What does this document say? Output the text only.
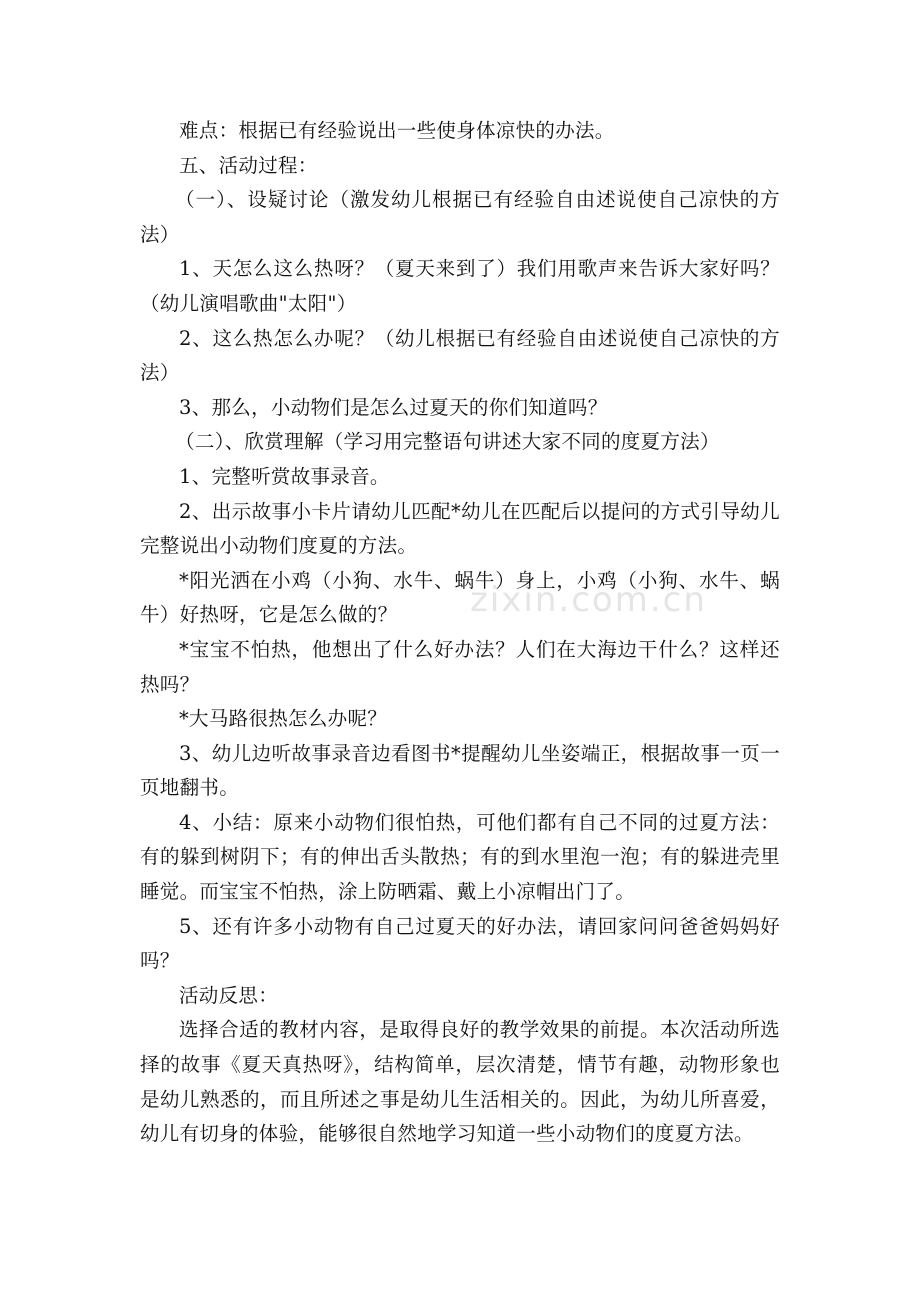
难点：根据已有经验说出一些使身体凉快的办法。

五、活动过程：

（一）、设疑讨论（激发幼儿根据已有经验自由述说使自己凉快的方法）

1、天怎么这么热呀？（夏天来到了）我们用歌声来告诉大家好吗？（幼儿演唱歌曲"太阳"）

2、这么热怎么办呢？（幼儿根据已有经验自由述说使自己凉快的方法）

3、那么，小动物们是怎么过夏天的你们知道吗？

（二）、欣赏理解（学习用完整语句讲述大家不同的度夏方法）

1、完整听赏故事录音。

2、出示故事小卡片请幼儿匹配*幼儿在匹配后以提问的方式引导幼儿完整说出小动物们度夏的方法。

*阳光洒在小鸡（小狗、水牛、蜗牛）身上，小鸡（小狗、水牛、蜗牛）好热呀，它是怎么做的？

*宝宝不怕热，他想出了什么好办法？人们在大海边干什么？这样还热吗？

*大马路很热怎么办呢？

3、幼儿边听故事录音边看图书*提醒幼儿坐姿端正，根据故事一页一页地翻书。

4、小结：原来小动物们很怕热，可他们都有自己不同的过夏方法：有的躲到树阴下；有的伸出舌头散热；有的到水里泡一泡；有的躲进壳里睡觉。而宝宝不怕热，涂上防晒霜、戴上小凉帽出门了。

5、还有许多小动物有自己过夏天的好办法，请回家问问爸爸妈妈好吗？

活动反思：

选择合适的教材内容，是取得良好的教学效果的前提。本次活动所选择的故事《夏天真热呀》，结构简单，层次清楚，情节有趣，动物形象也是幼儿熟悉的，而且所述之事是幼儿生活相关的。因此，为幼儿所喜爱，幼儿有切身的体验，能够很自然地学习知道一些小动物们的度夏方法。

zixin.com.cn
